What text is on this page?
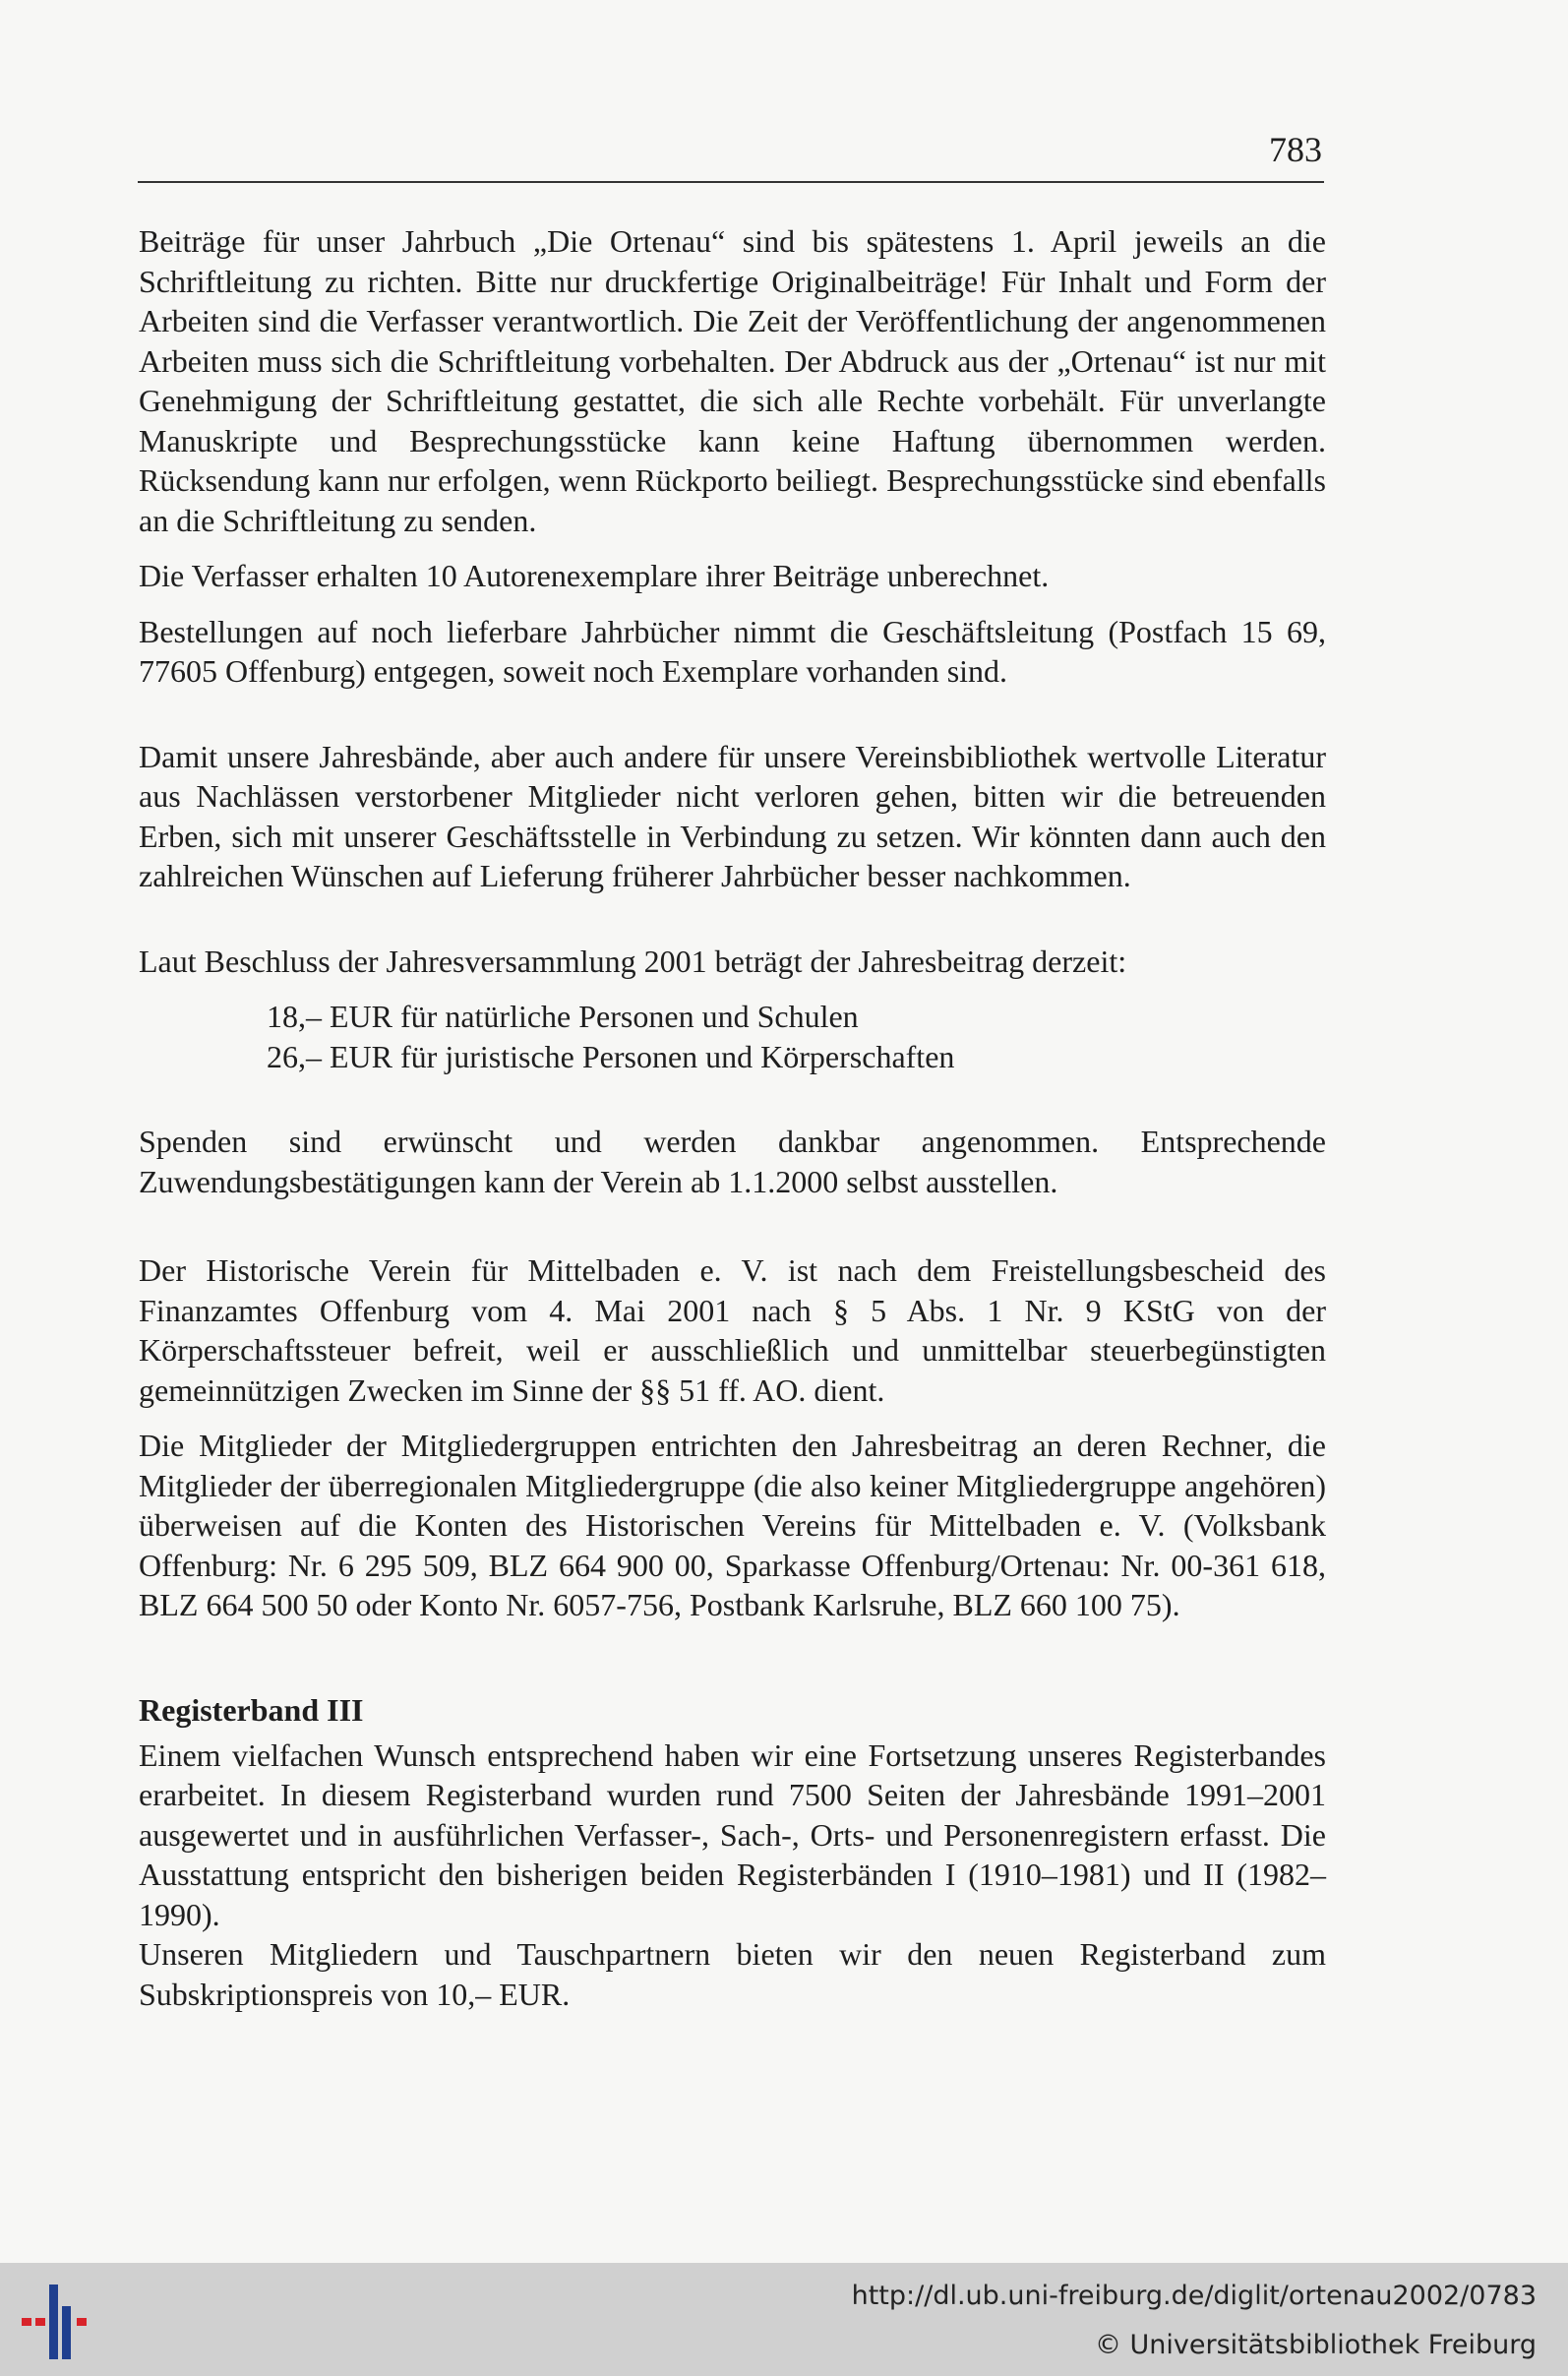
783

Beiträge für unser Jahrbuch „Die Ortenau“ sind bis spätestens 1. April jeweils an die Schriftleitung zu richten. Bitte nur druckfertige Originalbeiträge! Für Inhalt und Form der Arbeiten sind die Verfasser verantwortlich. Die Zeit der Veröffentlichung der angenommenen Arbeiten muss sich die Schriftleitung vorbehalten. Der Abdruck aus der „Ortenau“ ist nur mit Genehmigung der Schriftleitung gestattet, die sich alle Rechte vorbehält. Für unverlangte Manuskripte und Besprechungsstücke kann keine Haftung übernommen werden. Rücksendung kann nur erfolgen, wenn Rückporto beiliegt. Besprechungsstücke sind ebenfalls an die Schriftleitung zu senden.

Die Verfasser erhalten 10 Autorenexemplare ihrer Beiträge unberechnet.

Bestellungen auf noch lieferbare Jahrbücher nimmt die Geschäftsleitung (Postfach 15 69, 77605 Offenburg) entgegen, soweit noch Exemplare vorhanden sind.

Damit unsere Jahresbände, aber auch andere für unsere Vereinsbibliothek wertvolle Literatur aus Nachlässen verstorbener Mitglieder nicht verloren gehen, bitten wir die betreuenden Erben, sich mit unserer Geschäftsstelle in Verbindung zu setzen. Wir könnten dann auch den zahlreichen Wünschen auf Lieferung früherer Jahrbücher besser nachkommen.

Laut Beschluss der Jahresversammlung 2001 beträgt der Jahresbeitrag derzeit:

18,– EUR für natürliche Personen und Schulen
26,– EUR für juristische Personen und Körperschaften

Spenden sind erwünscht und werden dankbar angenommen. Entsprechende Zuwendungsbestätigungen kann der Verein ab 1.1.2000 selbst ausstellen.

Der Historische Verein für Mittelbaden e. V. ist nach dem Freistellungsbescheid des Finanzamtes Offenburg vom 4. Mai 2001 nach § 5 Abs. 1 Nr. 9 KStG von der Körperschaftssteuer befreit, weil er ausschließlich und unmittelbar steuerbegünstigten gemeinnützigen Zwecken im Sinne der §§ 51 ff. AO. dient.

Die Mitglieder der Mitgliedergruppen entrichten den Jahresbeitrag an deren Rechner, die Mitglieder der überregionalen Mitgliedergruppe (die also keiner Mitgliedergruppe angehören) überweisen auf die Konten des Historischen Vereins für Mittelbaden e. V. (Volksbank Offenburg: Nr. 6 295 509, BLZ 664 900 00, Sparkasse Offenburg/Ortenau: Nr. 00-361 618, BLZ 664 500 50 oder Konto Nr. 6057-756, Postbank Karlsruhe, BLZ 660 100 75).

Registerband III

Einem vielfachen Wunsch entsprechend haben wir eine Fortsetzung unseres Registerbandes erarbeitet. In diesem Registerband wurden rund 7500 Seiten der Jahresbände 1991–2001 ausgewertet und in ausführlichen Verfasser-, Sach-, Orts- und Personenregistern erfasst. Die Ausstattung entspricht den bisherigen beiden Registerbänden I (1910–1981) und II (1982–1990).

Unseren Mitgliedern und Tauschpartnern bieten wir den neuen Registerband zum Subskriptionspreis von 10,– EUR.

http://dl.ub.uni-freiburg.de/diglit/ortenau2002/0783
© Universitätsbibliothek Freiburg
